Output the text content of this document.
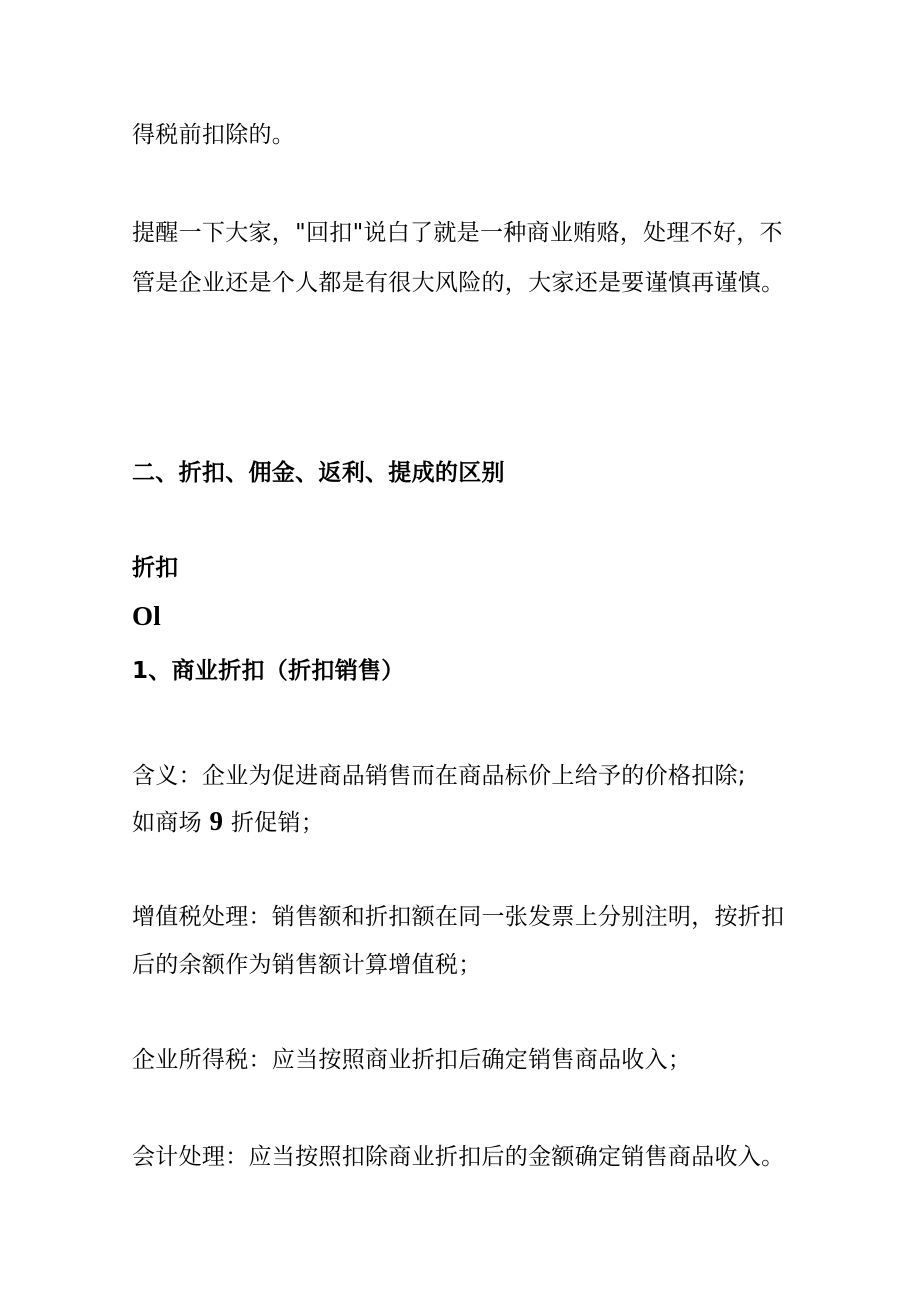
得税前扣除的。
提醒一下大家，"回扣"说白了就是一种商业贿赂，处理不好，不
管是企业还是个人都是有很大风险的，大家还是要谨慎再谨慎。
二、折扣、佣金、返利、提成的区别
折扣
Ol
1、商业折扣（折扣销售）
含义：企业为促进商品销售而在商品标价上给予的价格扣除;
如商场 9 折促销；
增值税处理：销售额和折扣额在同一张发票上分别注明，按折扣
后的余额作为销售额计算增值税；
企业所得税：应当按照商业折扣后确定销售商品收入；
会计处理：应当按照扣除商业折扣后的金额确定销售商品收入。
